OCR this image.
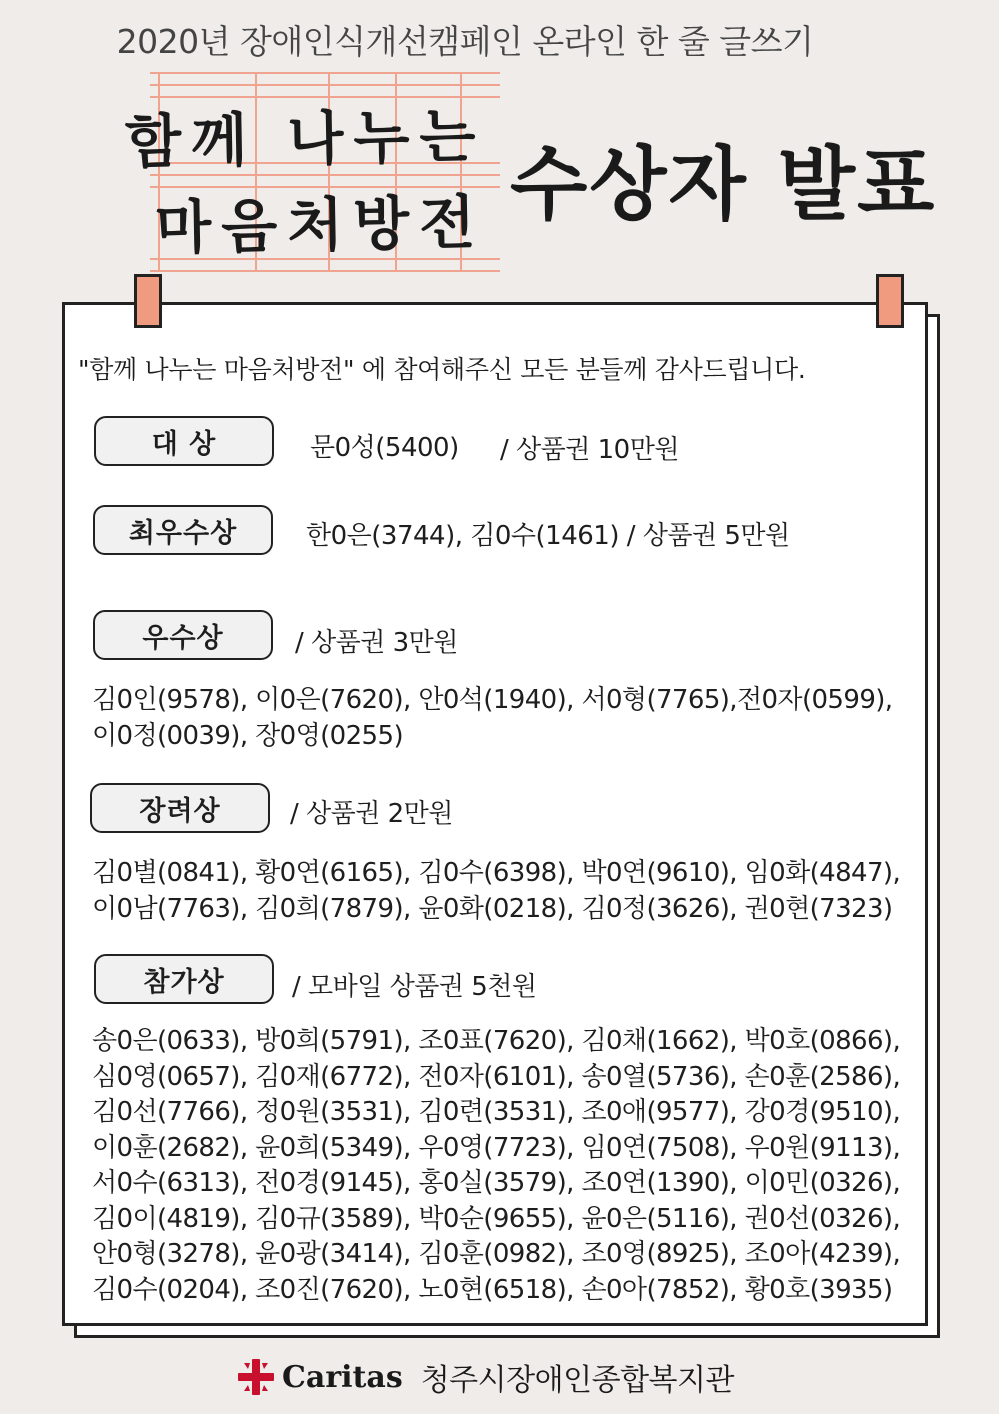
2020년 장애인식개선캠페인 온라인 한 줄 글쓰기
함께 나누는
마음처방전 수상자 발표
"함께 나누는 마음처방전" 에 참여해주신 모든 분들께 감사드립니다.
대 상	문0성(5400) / 상품권 10만원
최우수상	한0은(3744), 김0수(1461) / 상품권 5만원
우수상	/ 상품권 3만원
김0인(9578), 이0은(7620), 안0석(1940), 서0형(7765),전0자(0599),
이0정(0039), 장0영(0255)
장려상	/ 상품권 2만원
김0별(0841), 황0연(6165), 김0수(6398), 박0연(9610), 임0화(4847),
이0남(7763), 김0희(7879), 윤0화(0218), 김0정(3626), 권0현(7323)
참가상	/ 모바일 상품권 5천원
송0은(0633), 방0희(5791), 조0표(7620), 김0채(1662), 박0호(0866),
심0영(0657), 김0재(6772), 전0자(6101), 송0열(5736), 손0훈(2586),
김0선(7766), 정0원(3531), 김0련(3531), 조0애(9577), 강0경(9510),
이0훈(2682), 윤0희(5349), 우0영(7723), 임0연(7508), 우0원(9113),
서0수(6313), 전0경(9145), 홍0실(3579), 조0연(1390), 이0민(0326),
김0이(4819), 김0규(3589), 박0순(9655), 윤0은(5116), 권0선(0326),
안0형(3278), 윤0광(3414), 김0훈(0982), 조0영(8925), 조0아(4239),
김0수(0204), 조0진(7620), 노0현(6518), 손0아(7852), 황0호(3935)
Caritas 청주시장애인종합복지관
